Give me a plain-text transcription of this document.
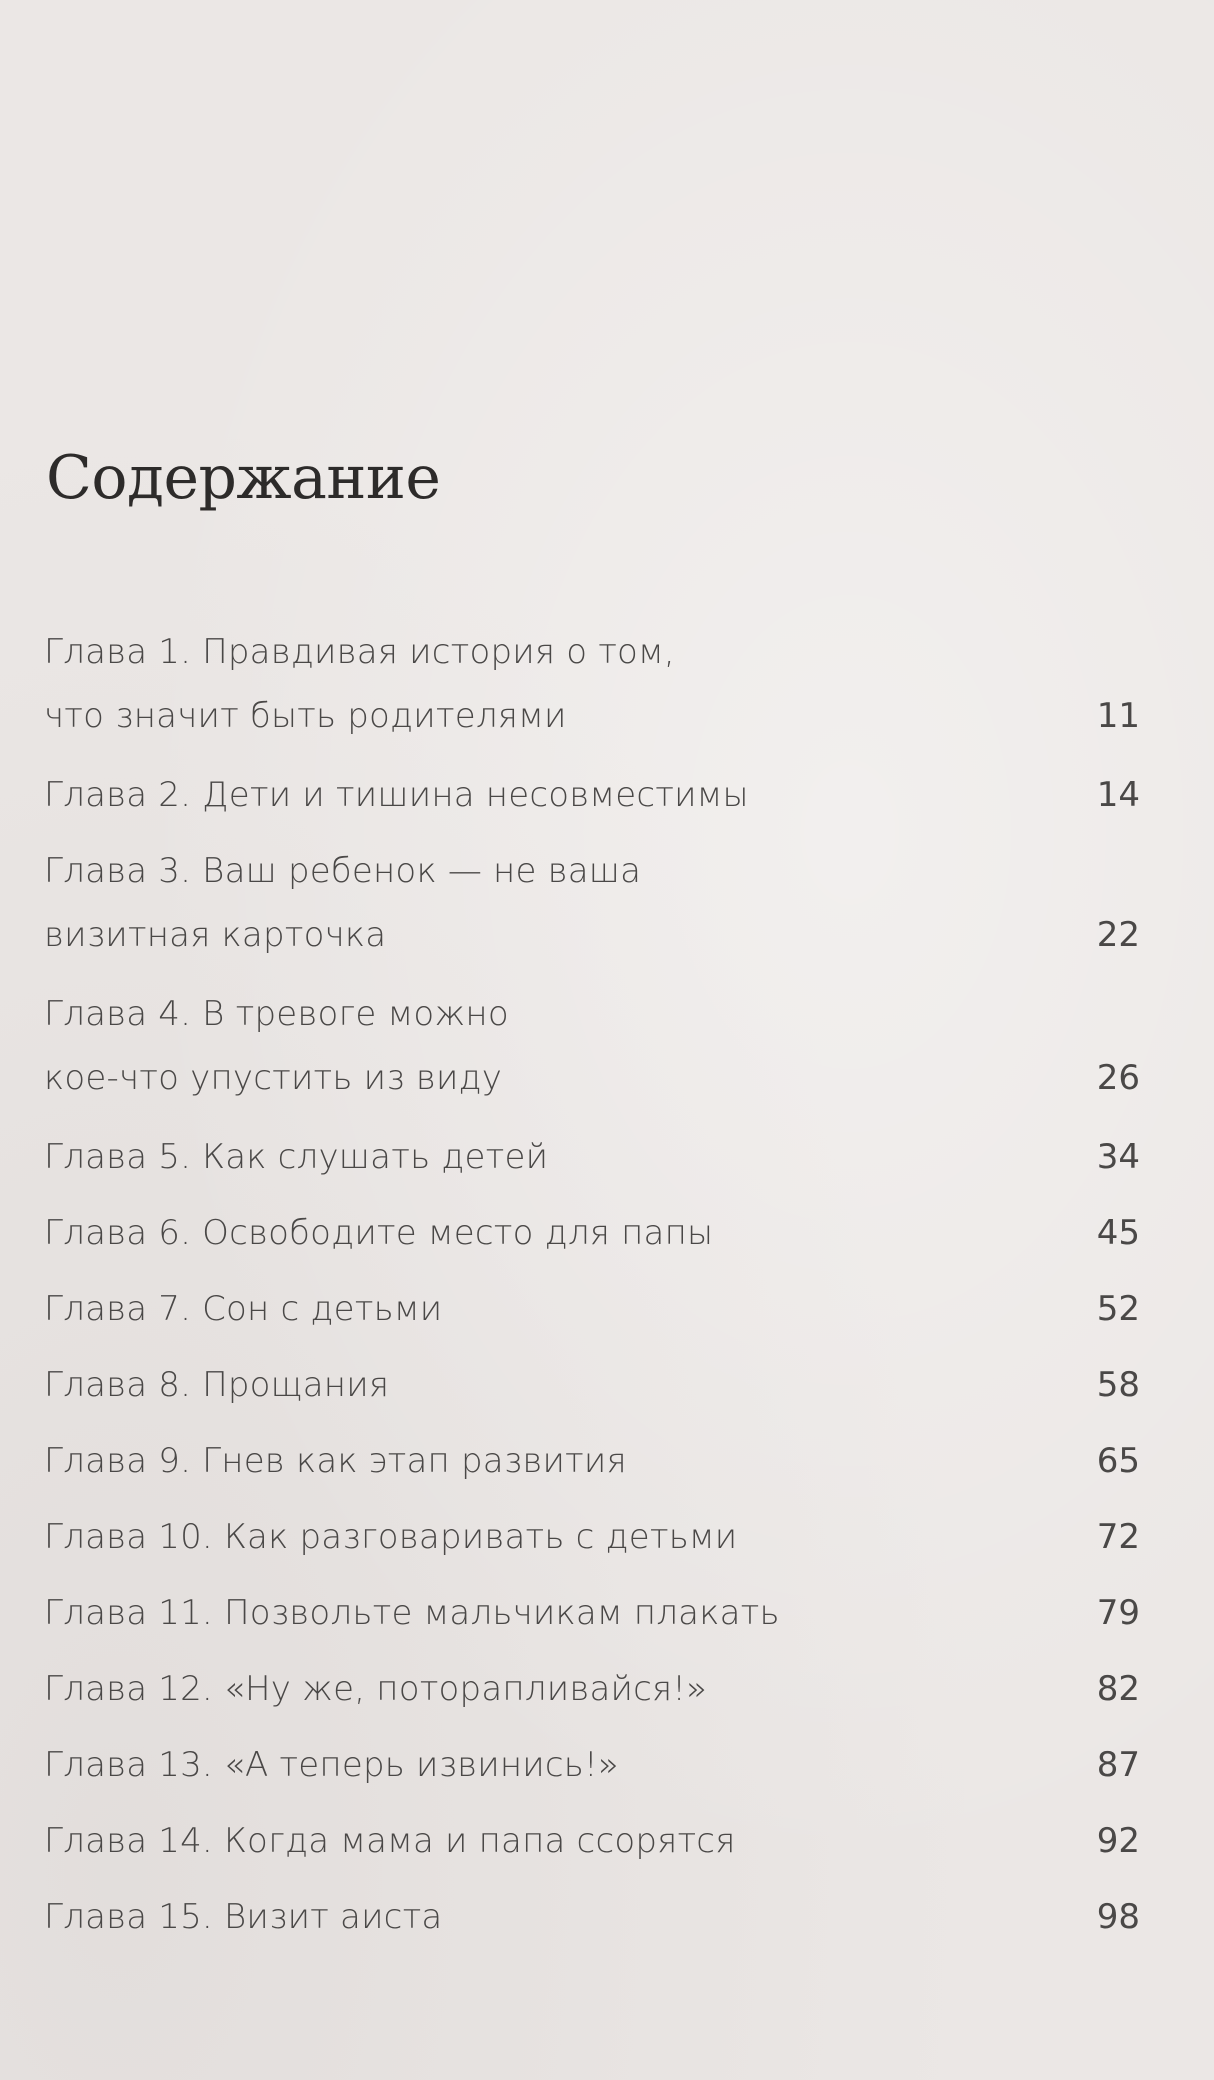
Содержание
Глава 1. Правдивая история о том,
что значит быть родителями	11
Глава 2. Дети и тишина несовместимы	14
Глава 3. Ваш ребенок — не ваша
визитная карточка	22
Глава 4. В тревоге можно
кое-что упустить из виду	26
Глава 5. Как слушать детей	34
Глава 6. Освободите место для папы	45
Глава 7. Сон с детьми	52
Глава 8. Прощания	58
Глава 9. Гнев как этап развития	65
Глава 10. Как разговаривать с детьми	72
Глава 11. Позвольте мальчикам плакать	79
Глава 12. «Ну же, поторапливайся!»	82
Глава 13. «А теперь извинись!»	87
Глава 14. Когда мама и папа ссорятся	92
Глава 15. Визит аиста	98
